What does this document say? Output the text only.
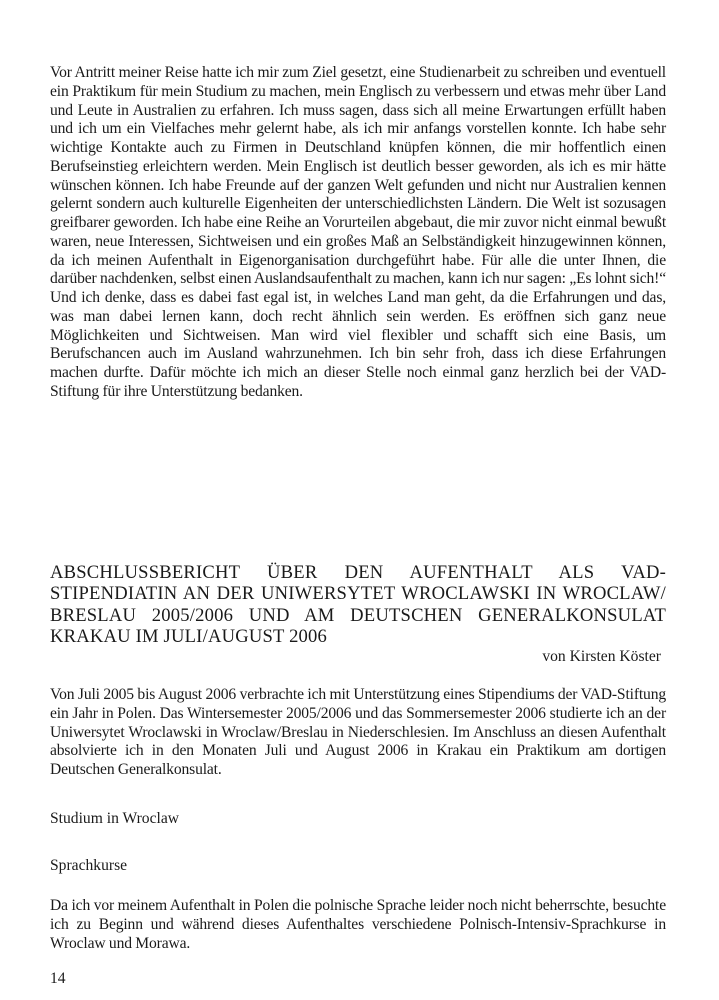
Vor Antritt meiner Reise hatte ich mir zum Ziel gesetzt, eine Studienarbeit zu schreiben und eventuell ein Praktikum für mein Studium zu machen, mein Englisch zu verbessern und etwas mehr über Land und Leute in Australien zu erfahren. Ich muss sagen, dass sich all meine Erwartungen erfüllt haben und ich um ein Vielfaches mehr gelernt habe, als ich mir anfangs vorstellen konnte. Ich habe sehr wichtige Kontakte auch zu Firmen in Deutschland knüpfen können, die mir hoffentlich einen Berufseinstieg erleichtern werden. Mein Englisch ist deutlich besser geworden, als ich es mir hätte wünschen können. Ich habe Freunde auf der ganzen Welt gefunden und nicht nur Australien kennen gelernt sondern auch kulturelle Eigenheiten der unterschiedlichsten Ländern. Die Welt ist sozusagen greifbarer geworden. Ich habe eine Reihe an Vorurteilen abgebaut, die mir zuvor nicht einmal bewußt waren, neue Interessen, Sichtweisen und ein großes Maß an Selbständigkeit hinzugewinnen können, da ich meinen Aufenthalt in Eigenorganisation durchgeführt habe. Für alle die unter Ihnen, die darüber nachdenken, selbst einen Auslandsaufenthalt zu machen, kann ich nur sagen: „Es lohnt sich!“ Und ich denke, dass es dabei fast egal ist, in welches Land man geht, da die Erfahrungen und das, was man dabei lernen kann, doch recht ähnlich sein werden. Es eröffnen sich ganz neue Möglichkeiten und Sichtweisen. Man wird viel flexibler und schafft sich eine Basis, um Berufschancen auch im Ausland wahrzunehmen. Ich bin sehr froh, dass ich diese Erfahrungen machen durfte. Dafür möchte ich mich an dieser Stelle noch einmal ganz herzlich bei der VAD-Stiftung für ihre Unterstützung bedanken.

ABSCHLUSSBERICHT ÜBER DEN AUFENTHALT ALS VAD-STIPENDIATIN AN DER UNIWERSYTET WROCLAWSKI IN WROCLAW/ BRESLAU 2005/2006 UND AM DEUTSCHEN GENERALKONSULAT KRAKAU IM JULI/AUGUST 2006

von Kirsten Köster

Von Juli 2005 bis August 2006 verbrachte ich mit Unterstützung eines Stipendiums der VAD-Stiftung ein Jahr in Polen. Das Wintersemester 2005/2006 und das Sommersemester 2006 studierte ich an der Uniwersytet Wroclawski in Wroclaw/Breslau in Niederschlesien. Im Anschluss an diesen Aufenthalt absolvierte ich in den Monaten Juli und August 2006 in Krakau ein Praktikum am dortigen Deutschen Generalkonsulat.

Studium in Wroclaw

Sprachkurse

Da ich vor meinem Aufenthalt in Polen die polnische Sprache leider noch nicht beherrschte, besuchte ich zu Beginn und während dieses Aufenthaltes verschiedene Polnisch-Intensiv-Sprachkurse in Wroclaw und Morawa.

14
